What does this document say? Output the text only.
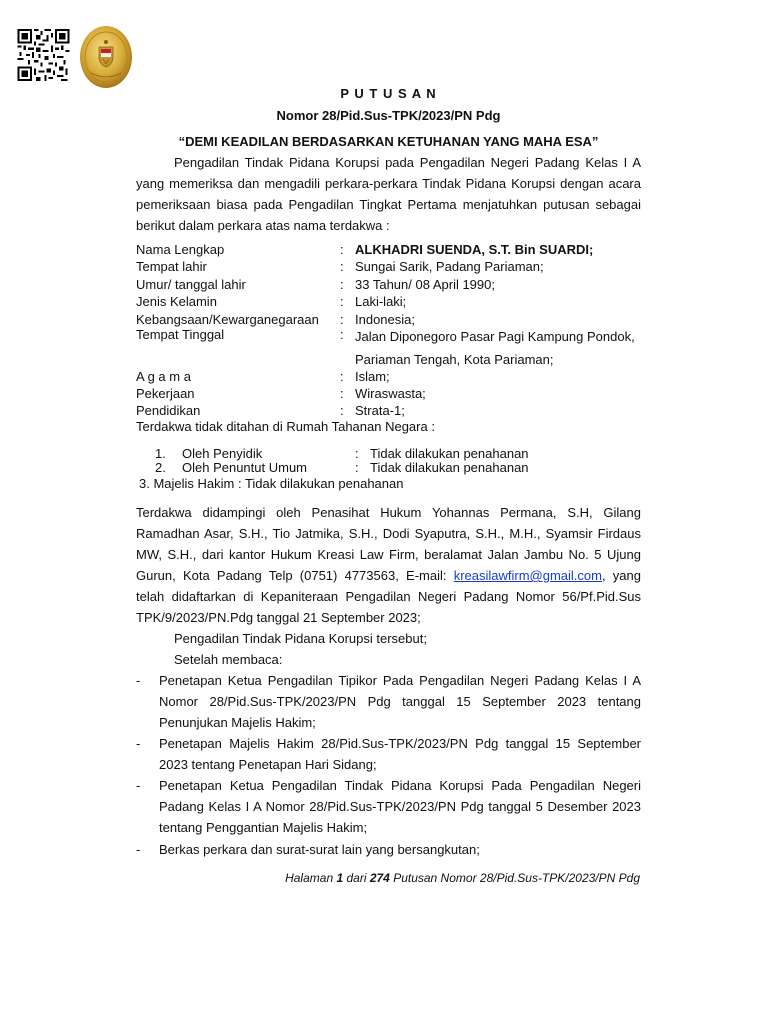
P U T U S A N
Nomor 28/Pid.Sus-TPK/2023/PN Pdg
“DEMI KEADILAN BERDASARKAN KETUHANAN YANG MAHA ESA”
Pengadilan Tindak Pidana Korupsi pada Pengadilan Negeri Padang Kelas I A yang memeriksa dan mengadili perkara-perkara Tindak Pidana Korupsi dengan acara pemeriksaan biasa pada Pengadilan Tingkat Pertama menjatuhkan putusan sebagai berikut dalam perkara atas nama terdakwa :
Nama Lengkap	: ALKHADRI SUENDA, S.T. Bin SUARDI;
Tempat lahir	: Sungai Sarik, Padang Pariaman;
Umur/ tanggal lahir	: 33 Tahun/ 08 April 1990;
Jenis Kelamin	: Laki-laki;
Kebangsaan/Kewarganegaraan : Indonesia;
Tempat Tinggal	: Jalan Diponegoro Pasar Pagi Kampung Pondok,
Pariaman Tengah, Kota Pariaman;
A g a m a	: Islam;
Pekerjaan	: Wiraswasta;
Pendidikan	: Strata-1;
Terdakwa tidak ditahan di Rumah Tahanan Negara :
1. Oleh Penyidik	: Tidak dilakukan penahanan
2. Oleh Penuntut Umum	: Tidak dilakukan penahanan
3. Majelis Hakim : Tidak dilakukan penahanan
Terdakwa didampingi oleh Penasihat Hukum Yohannas Permana, S.H, Gilang Ramadhan Asar, S.H., Tio Jatmika, S.H., Dodi Syaputra, S.H., M.H., Syamsir Firdaus MW, S.H., dari kantor Hukum Kreasi Law Firm, beralamat Jalan Jambu No. 5 Ujung Gurun, Kota Padang Telp (0751) 4773563, E-mail: kreasilawfirm@gmail.com, yang telah didaftarkan di Kepaniteraan Pengadilan Negeri Padang Nomor 56/Pf.Pid.Sus TPK/9/2023/PN.Pdg tanggal 21 September 2023;
Pengadilan Tindak Pidana Korupsi tersebut;
Setelah membaca:
- Penetapan Ketua Pengadilan Tipikor Pada Pengadilan Negeri Padang Kelas I A Nomor 28/Pid.Sus-TPK/2023/PN Pdg tanggal 15 September 2023 tentang Penunjukan Majelis Hakim;
- Penetapan Majelis Hakim 28/Pid.Sus-TPK/2023/PN Pdg tanggal 15 September 2023 tentang Penetapan Hari Sidang;
- Penetapan Ketua Pengadilan Tindak Pidana Korupsi Pada Pengadilan Negeri Padang Kelas I A Nomor 28/Pid.Sus-TPK/2023/PN Pdg tanggal 5 Desember 2023 tentang Penggantian Majelis Hakim;
- Berkas perkara dan surat-surat lain yang bersangkutan;
Halaman 1 dari 274 Putusan Nomor 28/Pid.Sus-TPK/2023/PN Pdg
